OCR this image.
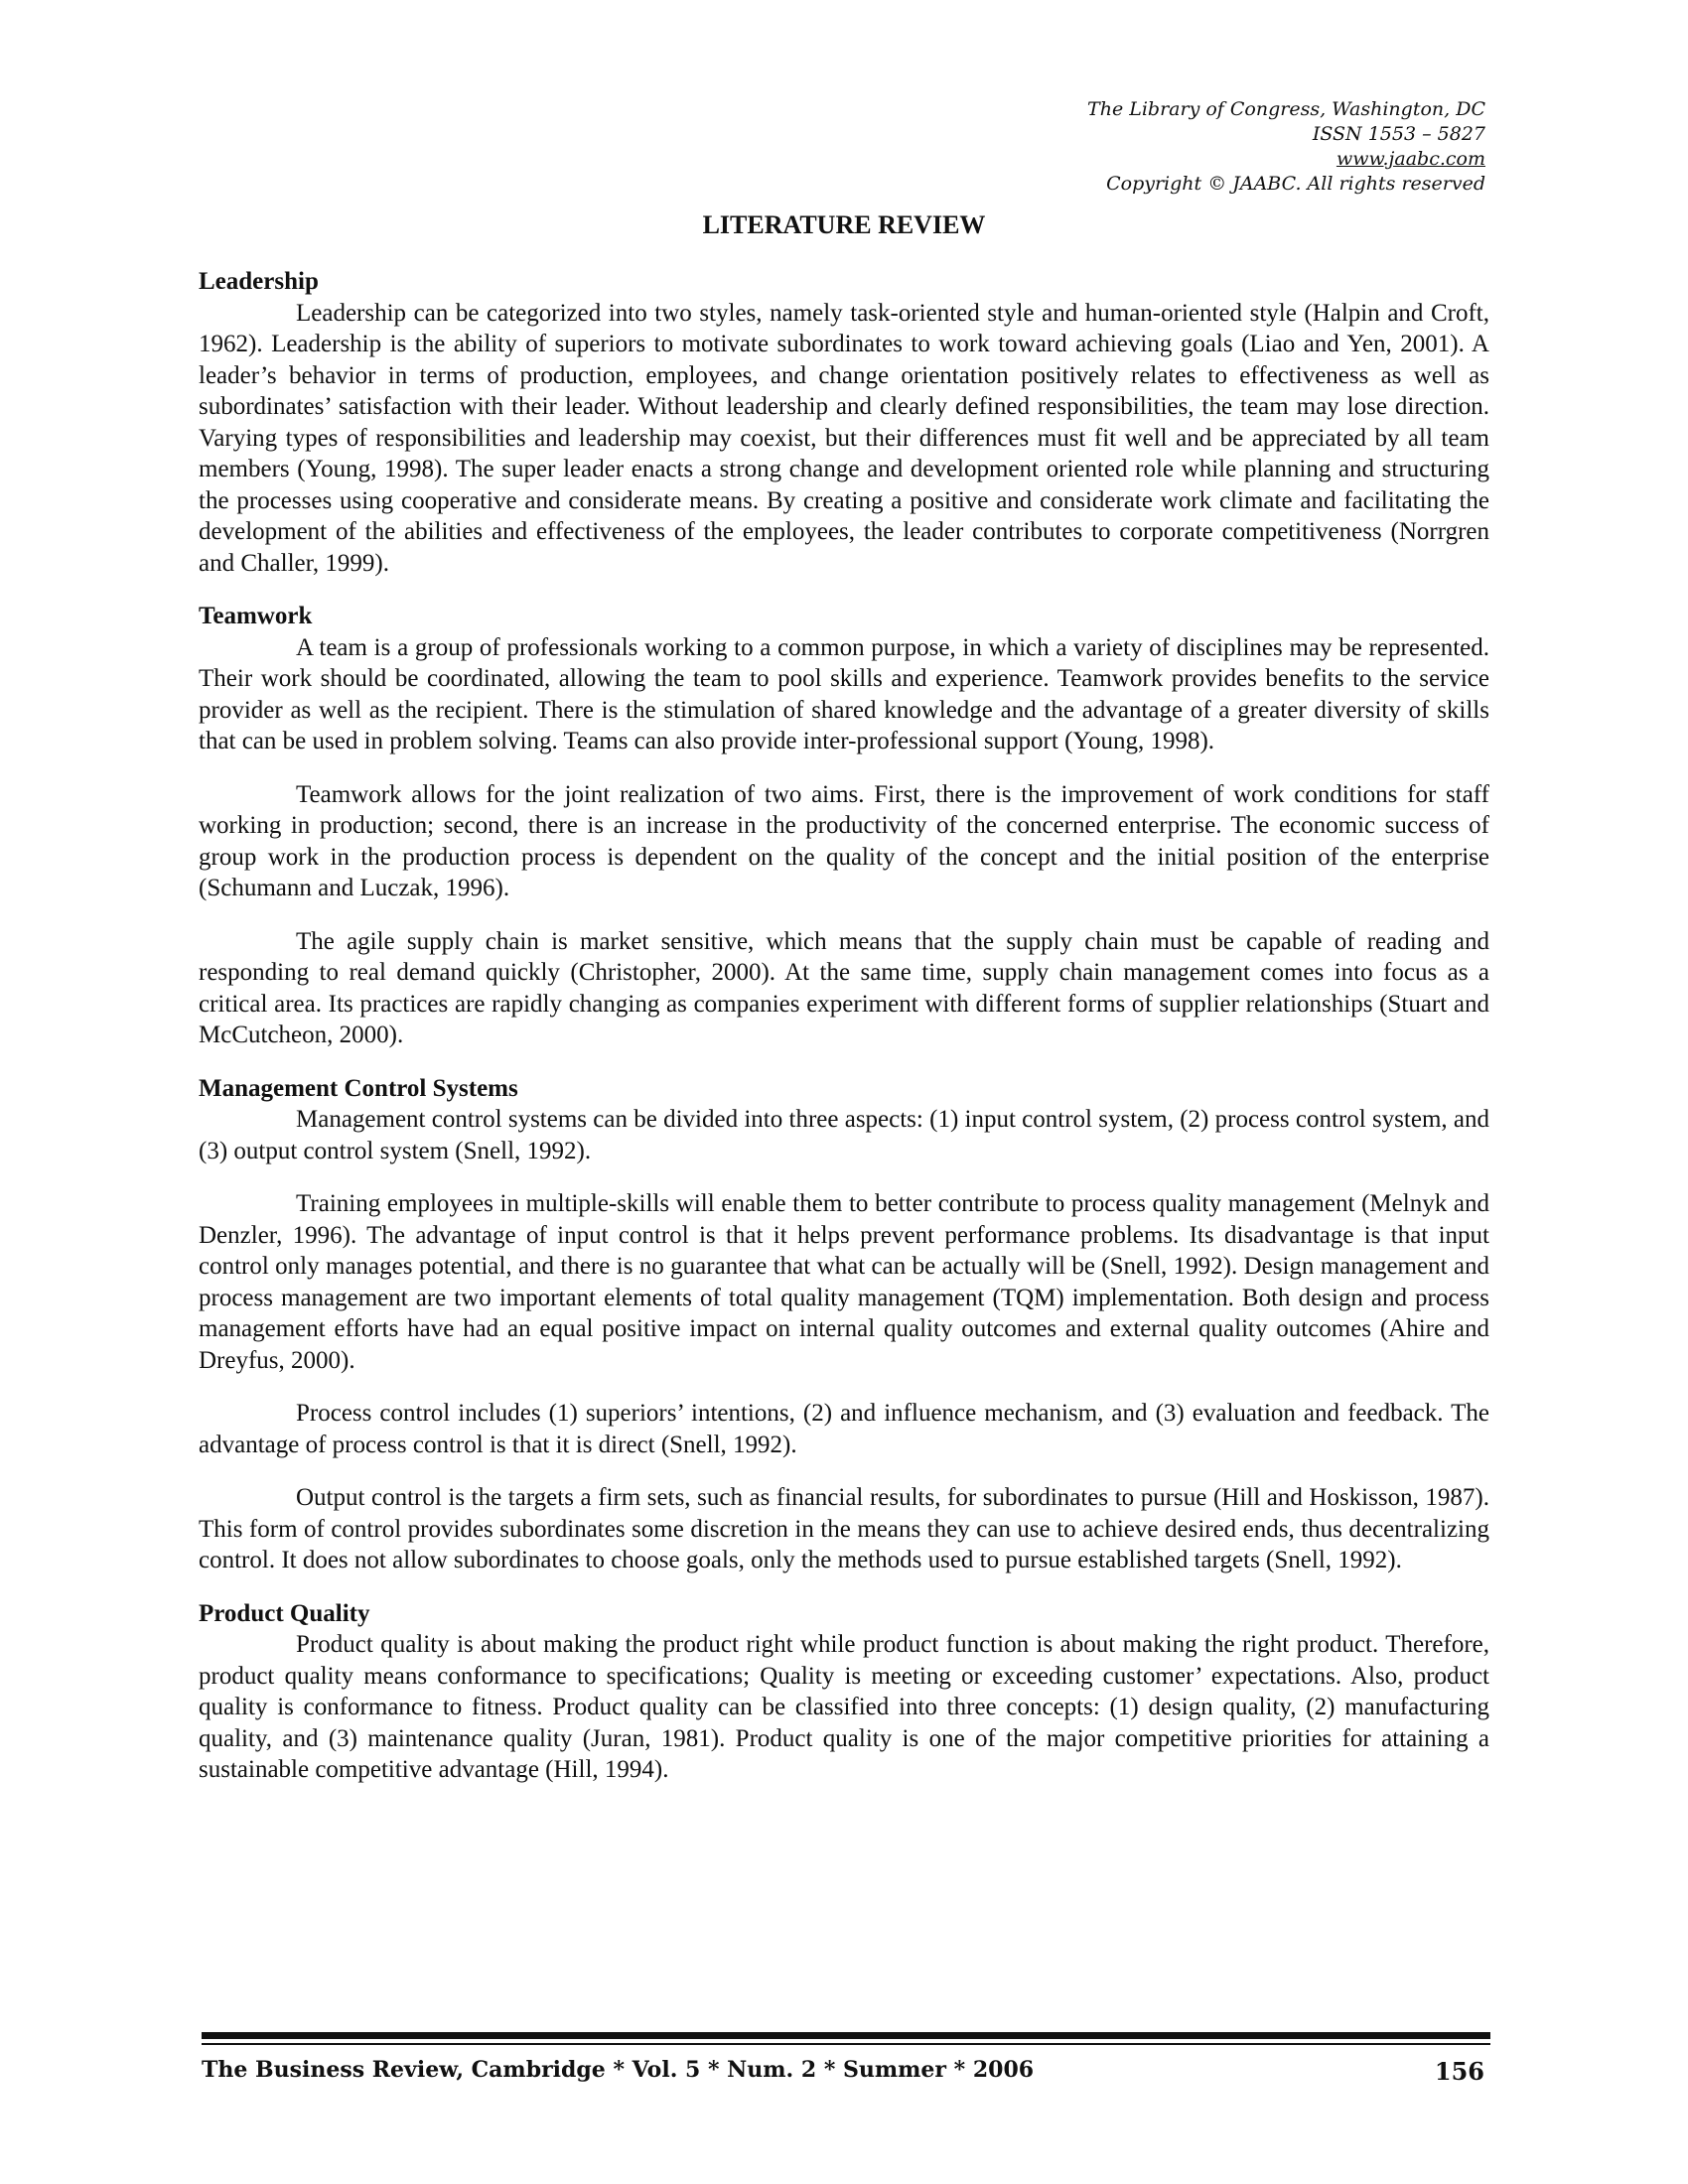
The Library of Congress, Washington, DC
ISSN 1553 – 5827
www.jaabc.com
Copyright © JAABC. All rights reserved
LITERATURE REVIEW
Leadership

Leadership can be categorized into two styles, namely task-oriented style and human-oriented style (Halpin and Croft, 1962). Leadership is the ability of superiors to motivate subordinates to work toward achieving goals (Liao and Yen, 2001). A leader’s behavior in terms of production, employees, and change orientation positively relates to effectiveness as well as subordinates’ satisfaction with their leader. Without leadership and clearly defined responsibilities, the team may lose direction. Varying types of responsibilities and leadership may coexist, but their differences must fit well and be appreciated by all team members (Young, 1998). The super leader enacts a strong change and development oriented role while planning and structuring the processes using cooperative and considerate means. By creating a positive and considerate work climate and facilitating the development of the abilities and effectiveness of the employees, the leader contributes to corporate competitiveness (Norrgren and Challer, 1999).

Teamwork

A team is a group of professionals working to a common purpose, in which a variety of disciplines may be represented. Their work should be coordinated, allowing the team to pool skills and experience. Teamwork provides benefits to the service provider as well as the recipient. There is the stimulation of shared knowledge and the advantage of a greater diversity of skills that can be used in problem solving. Teams can also provide inter-professional support (Young, 1998).

Teamwork allows for the joint realization of two aims. First, there is the improvement of work conditions for staff working in production; second, there is an increase in the productivity of the concerned enterprise. The economic success of group work in the production process is dependent on the quality of the concept and the initial position of the enterprise (Schumann and Luczak, 1996).

The agile supply chain is market sensitive, which means that the supply chain must be capable of reading and responding to real demand quickly (Christopher, 2000). At the same time, supply chain management comes into focus as a critical area. Its practices are rapidly changing as companies experiment with different forms of supplier relationships (Stuart and McCutcheon, 2000).

Management Control Systems

Management control systems can be divided into three aspects: (1) input control system, (2) process control system, and (3) output control system (Snell, 1992).

Training employees in multiple-skills will enable them to better contribute to process quality management (Melnyk and Denzler, 1996). The advantage of input control is that it helps prevent performance problems. Its disadvantage is that input control only manages potential, and there is no guarantee that what can be actually will be (Snell, 1992). Design management and process management are two important elements of total quality management (TQM) implementation. Both design and process management efforts have had an equal positive impact on internal quality outcomes and external quality outcomes (Ahire and Dreyfus, 2000).

Process control includes (1) superiors’ intentions, (2) and influence mechanism, and (3) evaluation and feedback. The advantage of process control is that it is direct (Snell, 1992).

Output control is the targets a firm sets, such as financial results, for subordinates to pursue (Hill and Hoskisson, 1987). This form of control provides subordinates some discretion in the means they can use to achieve desired ends, thus decentralizing control. It does not allow subordinates to choose goals, only the methods used to pursue established targets (Snell, 1992).

Product Quality

Product quality is about making the product right while product function is about making the right product. Therefore, product quality means conformance to specifications; Quality is meeting or exceeding customer’ expectations. Also, product quality is conformance to fitness. Product quality can be classified into three concepts: (1) design quality, (2) manufacturing quality, and (3) maintenance quality (Juran, 1981). Product quality is one of the major competitive priorities for attaining a sustainable competitive advantage (Hill, 1994).

The Business Review, Cambridge * Vol. 5 * Num. 2 * Summer * 2006	156
